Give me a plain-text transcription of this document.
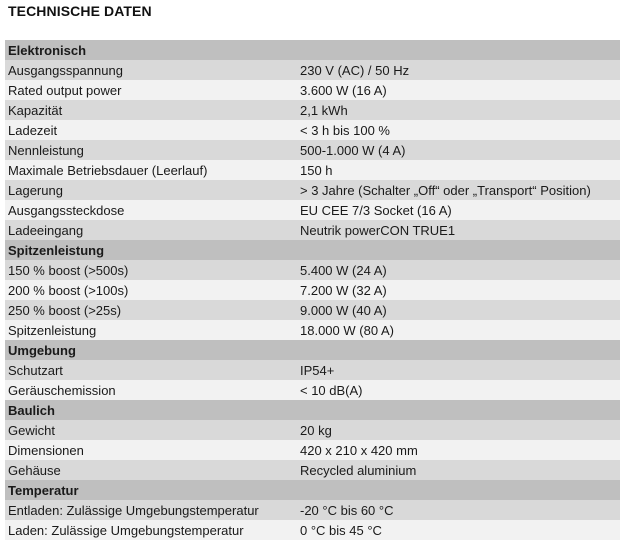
TECHNISCHE DATEN
Elektronisch
Ausgangsspannung	230 V (AC) / 50 Hz
Rated output power	3.600 W (16 A)
Kapazität	2,1 kWh
Ladezeit	< 3 h bis 100 %
Nennleistung	500-1.000 W (4 A)
Maximale Betriebsdauer (Leerlauf)	150 h
Lagerung	> 3 Jahre (Schalter „Off“ oder „Transport“ Position)
Ausgangssteckdose	EU CEE 7/3 Socket (16 A)
Ladeeingang	Neutrik powerCON TRUE1
Spitzenleistung
150 % boost (>500s)	5.400 W (24 A)
200 % boost (>100s)	7.200 W (32 A)
250 % boost (>25s)	9.000 W (40 A)
Spitzenleistung	18.000 W (80 A)
Umgebung
Schutzart	IP54+
Geräuschemission	< 10 dB(A)
Baulich
Gewicht	20 kg
Dimensionen	420 x 210 x 420 mm
Gehäuse	Recycled aluminium
Temperatur
Entladen: Zulässige Umgebungstemperatur	-20 °C bis 60 °C
Laden: Zulässige Umgebungstemperatur	0 °C bis 45 °C
